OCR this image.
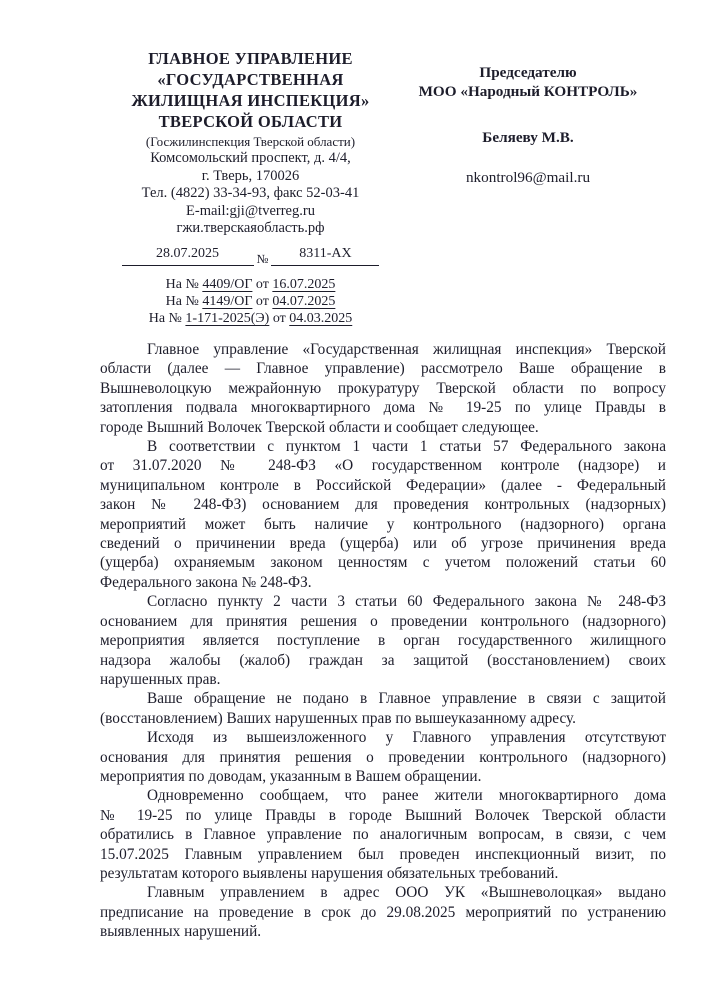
ГЛАВНОЕ УПРАВЛЕНИЕ
«ГОСУДАРСТВЕННАЯ
ЖИЛИЩНАЯ ИНСПЕКЦИЯ»
ТВЕРСКОЙ ОБЛАСТИ
(Госжилинспекция Тверской области)
Комсомольский проспект, д. 4/4,
г. Тверь, 170026
Тел. (4822) 33-34-93, факс 52-03-41
E-mail:gji@tverreg.ru
гжи.тверскаяобласть.рф
28.07.2025	№	8311-АХ
На № 4409/ОГ от 16.07.2025
На № 4149/ОГ от 04.07.2025
На № 1-171-2025(Э) от 04.03.2025
Председателю
МОО «Народный КОНТРОЛЬ»
Беляеву М.В.
nkontrol96@mail.ru

Главное управление «Государственная жилищная инспекция» Тверской
области (далее — Главное управление) рассмотрело Ваше обращение в
Вышневолоцкую межрайонную прокуратуру Тверской области по вопросу
затопления подвала многоквартирного дома № 19-25 по улице Правды в
городе Вышний Волочек Тверской области и сообщает следующее.

В соответствии с пунктом 1 части 1 статьи 57 Федерального закона
от 31.07.2020 № 248-ФЗ «О государственном контроле (надзоре) и
муниципальном контроле в Российской Федерации» (далее - Федеральный
закон № 248-ФЗ) основанием для проведения контрольных (надзорных)
мероприятий может быть наличие у контрольного (надзорного) органа
сведений о причинении вреда (ущерба) или об угрозе причинения вреда
(ущерба) охраняемым законом ценностям с учетом положений статьи 60
Федерального закона № 248-ФЗ.

Согласно пункту 2 части 3 статьи 60 Федерального закона № 248-ФЗ
основанием для принятия решения о проведении контрольного (надзорного)
мероприятия является поступление в орган государственного жилищного
надзора жалобы (жалоб) граждан за защитой (восстановлением) своих
нарушенных прав.

Ваше обращение не подано в Главное управление в связи с защитой
(восстановлением) Ваших нарушенных прав по вышеуказанному адресу.

Исходя из вышеизложенного у Главного управления отсутствуют
основания для принятия решения о проведении контрольного (надзорного)
мероприятия по доводам, указанным в Вашем обращении.

Одновременно сообщаем, что ранее жители многоквартирного дома
№ 19-25 по улице Правды в городе Вышний Волочек Тверской области
обратились в Главное управление по аналогичным вопросам, в связи, с чем
15.07.2025 Главным управлением был проведен инспекционный визит, по
результатам которого выявлены нарушения обязательных требований.

Главным управлением в адрес ООО УК «Вышневолоцкая» выдано
предписание на проведение в срок до 29.08.2025 мероприятий по устранению
выявленных нарушений.
